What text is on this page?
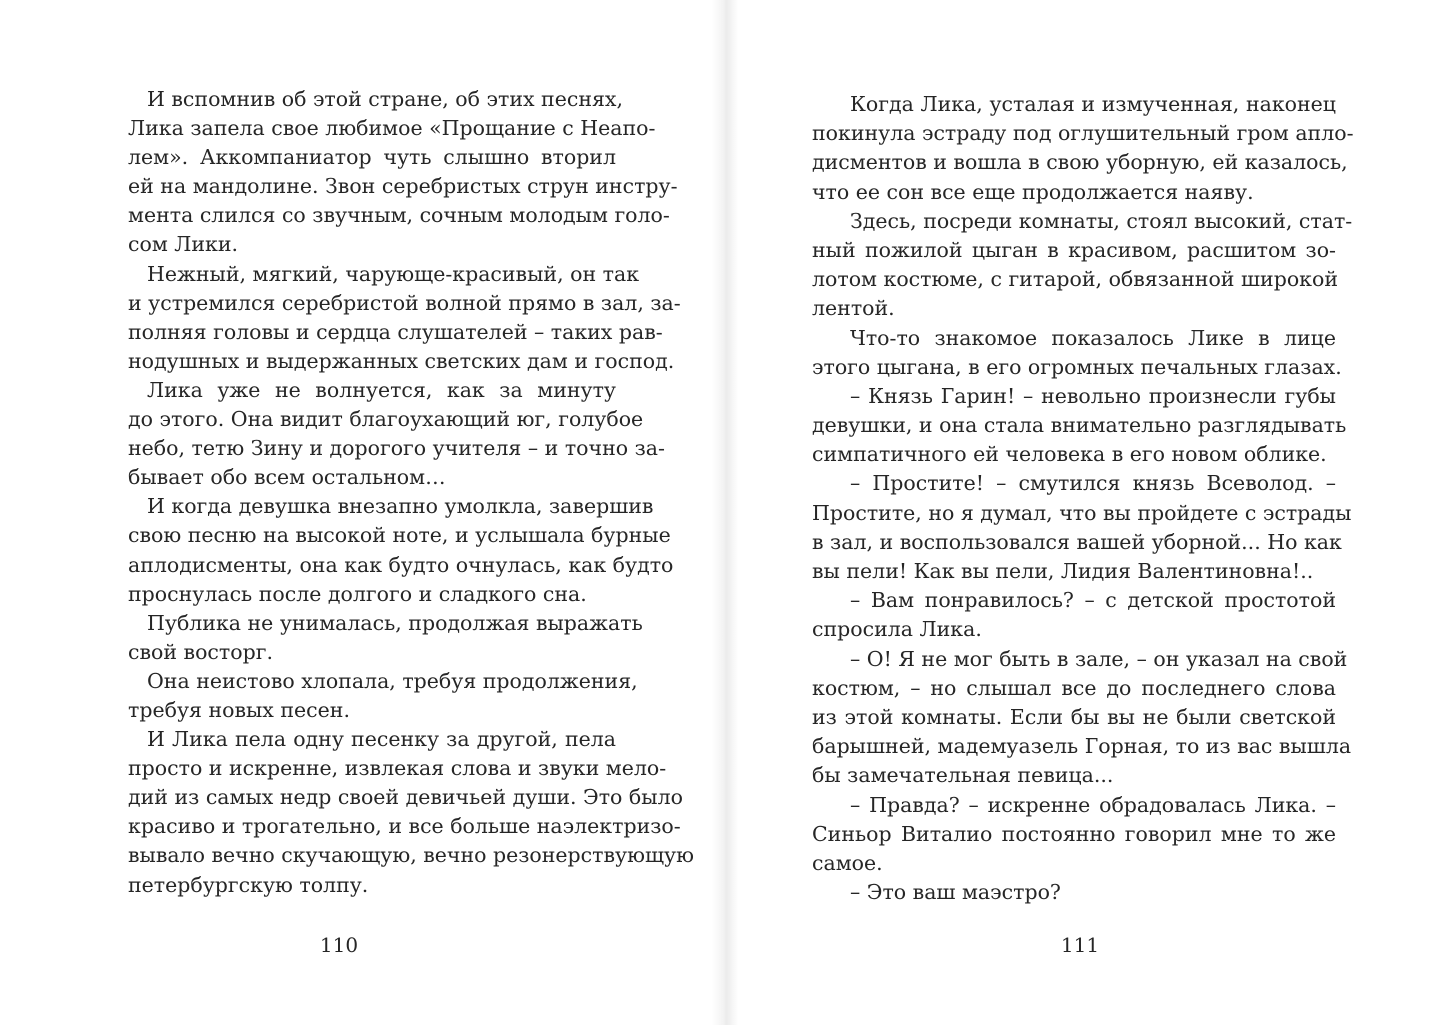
И вспомнив об этой стране, об этих песнях,
Лика запела свое любимое «Прощание с Неапо-
лем». Аккомпаниатор чуть слышно вторил
ей на мандолине. Звон серебристых струн инстру-
мента слился со звучным, сочным молодым голо-
сом Лики.
Нежный, мягкий, чарующе-красивый, он так
и устремился серебристой волной прямо в зал, за-
полняя головы и сердца слушателей – таких рав-
нодушных и выдержанных светских дам и господ.
Лика уже не волнуется, как за минуту
до этого. Она видит благоухающий юг, голубое
небо, тетю Зину и дорогого учителя – и точно за-
бывает обо всем остальном…
И когда девушка внезапно умолкла, завершив
свою песню на высокой ноте, и услышала бурные
аплодисменты, она как будто очнулась, как будто
проснулась после долгого и сладкого сна.
Публика не унималась, продолжая выражать
свой восторг.
Она неистово хлопала, требуя продолжения,
требуя новых песен.
И Лика пела одну песенку за другой, пела
просто и искренне, извлекая слова и звуки мело-
дий из самых недр своей девичьей души. Это было
красиво и трогательно, и все больше наэлектризо-
вывало вечно скучающую, вечно резонерствующую
петербургскую толпу.
110
Когда Лика, усталая и измученная, наконец
покинула эстраду под оглушительный гром апло-
дисментов и вошла в свою уборную, ей казалось,
что ее сон все еще продолжается наяву.
Здесь, посреди комнаты, стоял высокий, стат-
ный пожилой цыган в красивом, расшитом зо-
лотом костюме, с гитарой, обвязанной широкой
лентой.
Что-то знакомое показалось Лике в лице
этого цыгана, в его огромных печальных глазах.
– Князь Гарин! – невольно произнесли губы
девушки, и она стала внимательно разглядывать
симпатичного ей человека в его новом облике.
– Простите! – смутился князь Всеволод. –
Простите, но я думал, что вы пройдете с эстрады
в зал, и воспользовался вашей уборной... Но как
вы пели! Как вы пели, Лидия Валентиновна!..
– Вам понравилось? – с детской простотой
спросила Лика.
– О! Я не мог быть в зале, – он указал на свой
костюм, – но слышал все до последнего слова
из этой комнаты. Если бы вы не были светской
барышней, мадемуазель Горная, то из вас вышла
бы замечательная певица...
– Правда? – искренне обрадовалась Лика. –
Синьор Виталио постоянно говорил мне то же
самое.
– Это ваш маэстро?
111
